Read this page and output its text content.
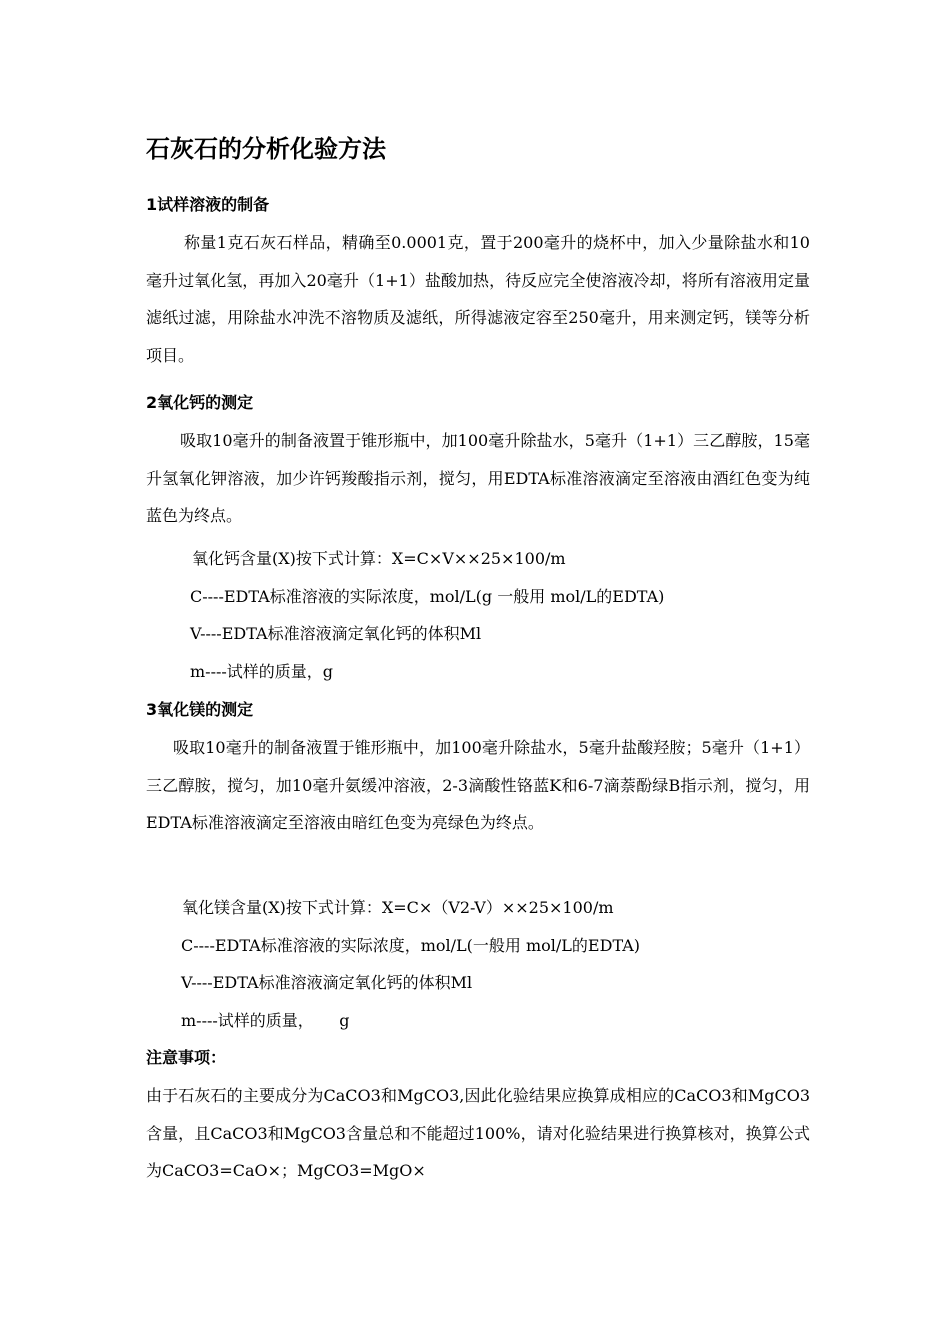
石灰石的分析化验方法
1试样溶液的制备
称量1克石灰石样品，精确至0.0001克，置于200毫升的烧杯中，加入少量除盐水和10毫升过氧化氢，再加入20毫升（1+1）盐酸加热，待反应完全使溶液冷却，将所有溶液用定量滤纸过滤，用除盐水冲洗不溶物质及滤纸，所得滤液定容至250毫升，用来测定钙，镁等分析项目。
2氧化钙的测定
吸取10毫升的制备液置于锥形瓶中，加100毫升除盐水，5毫升（1+1）三乙醇胺，15毫升氢氧化钾溶液，加少许钙羧酸指示剂，搅匀，用EDTA标准溶液滴定至溶液由酒红色变为纯蓝色为终点。
氧化钙含量(X)按下式计算：X=C×V××25×100/m
C----EDTA标准溶液的实际浓度，mol/L(g 一般用 mol/L的EDTA)
V----EDTA标准溶液滴定氧化钙的体积Ml
m----试样的质量，g
3氧化镁的测定
吸取10毫升的制备液置于锥形瓶中，加100毫升除盐水，5毫升盐酸羟胺；5毫升（1+1）三乙醇胺，搅匀，加10毫升氨缓冲溶液，2-3滴酸性铬蓝K和6-7滴萘酚绿B指示剂，搅匀，用EDTA标准溶液滴定至溶液由暗红色变为亮绿色为终点。
氧化镁含量(X)按下式计算：X=C×（V2-V）××25×100/m
C----EDTA标准溶液的实际浓度，mol/L(一般用 mol/L的EDTA)
V----EDTA标准溶液滴定氧化钙的体积Ml
m----试样的质量，     g
注意事项：
由于石灰石的主要成分为CaCO3和MgCO3,因此化验结果应换算成相应的CaCO3和MgCO3含量，且CaCO3和MgCO3含量总和不能超过100%，请对化验结果进行换算核对，换算公式为CaCO3=CaO×；MgCO3=MgO×
